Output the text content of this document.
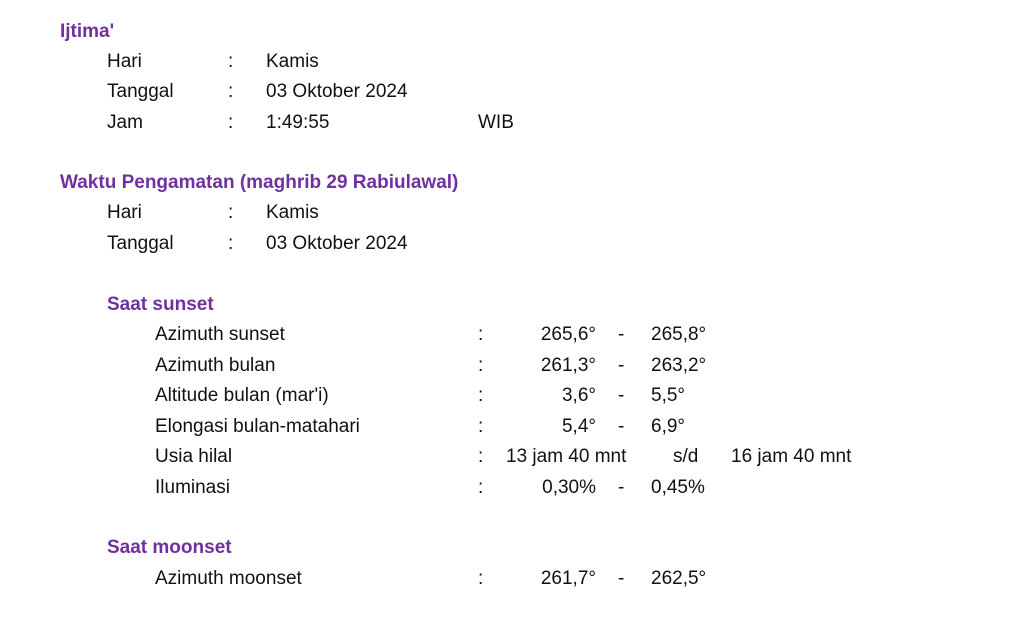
Ijtima'
Hari	: Kamis
Tanggal	: 03 Oktober 2024
Jam	: 1:49:55	WIB
Waktu Pengamatan (maghrib 29 Rabiulawal)
Hari	: Kamis
Tanggal	: 03 Oktober 2024
Saat sunset
Azimuth sunset	:	265,6° - 265,8°
Azimuth bulan	:	261,3° - 263,2°
Altitude bulan (mar'i)	:	3,6° - 5,5°
Elongasi bulan-matahari	:	5,4° - 6,9°
Usia hilal	: 13 jam 40 mnt s/d 16 jam 40 mnt
Iluminasi	:	0,30% - 0,45%
Saat moonset
Azimuth moonset	:	261,7° - 262,5°
